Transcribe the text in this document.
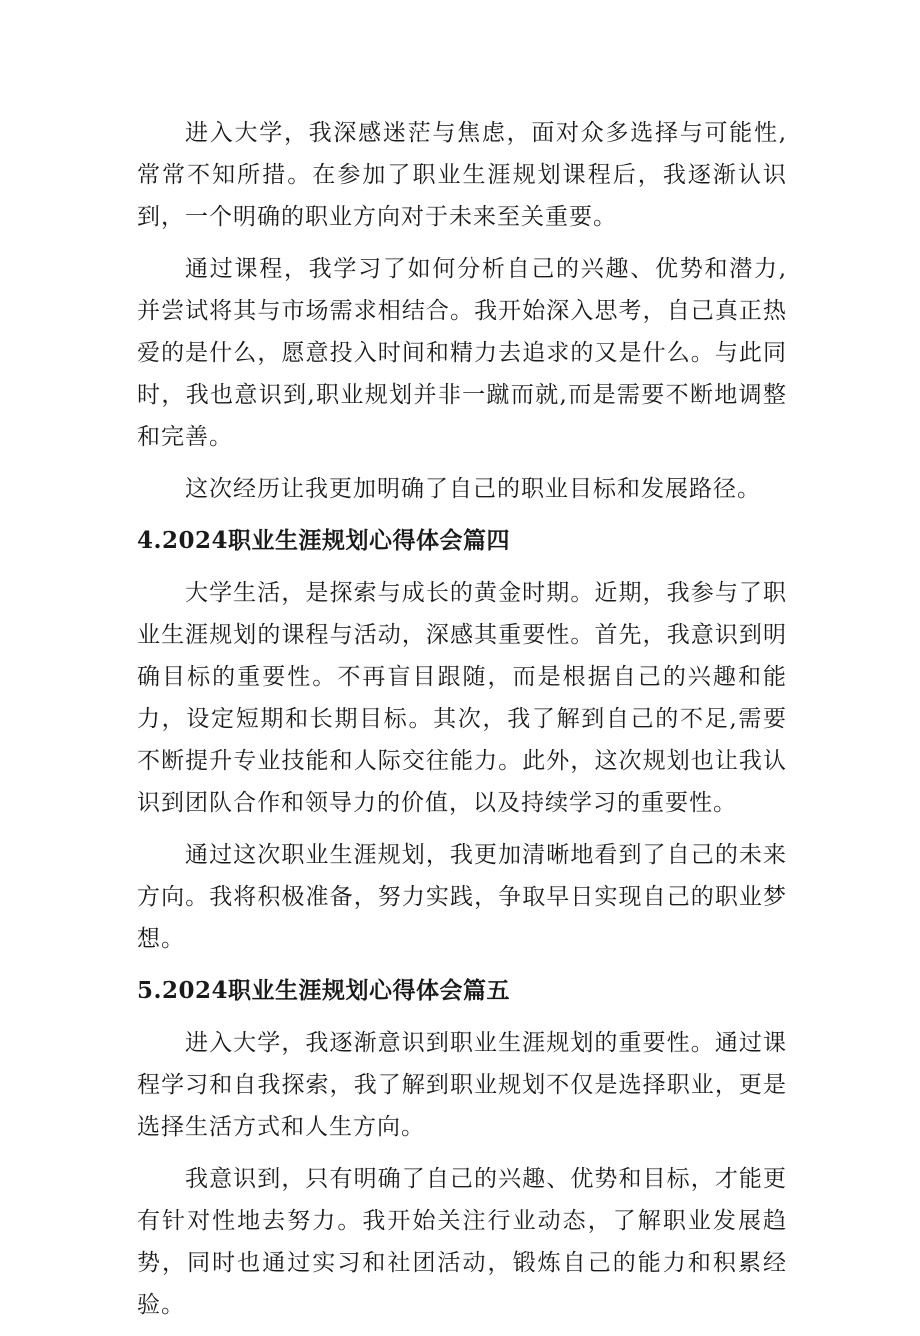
进入大学，我深感迷茫与焦虑，面对众多选择与可能性,常常不知所措。在参加了职业生涯规划课程后，我逐渐认识到，一个明确的职业方向对于未来至关重要。

通过课程，我学习了如何分析自己的兴趣、优势和潜力,并尝试将其与市场需求相结合。我开始深入思考，自己真正热爱的是什么，愿意投入时间和精力去追求的又是什么。与此同时，我也意识到,职业规划并非一蹴而就,而是需要不断地调整和完善。

这次经历让我更加明确了自己的职业目标和发展路径。

4.2024职业生涯规划心得体会篇四

大学生活，是探索与成长的黄金时期。近期，我参与了职业生涯规划的课程与活动，深感其重要性。首先，我意识到明确目标的重要性。不再盲目跟随，而是根据自己的兴趣和能力，设定短期和长期目标。其次，我了解到自己的不足,需要不断提升专业技能和人际交往能力。此外，这次规划也让我认识到团队合作和领导力的价值，以及持续学习的重要性。

通过这次职业生涯规划，我更加清晰地看到了自己的未来方向。我将积极准备，努力实践，争取早日实现自己的职业梦想。

5.2024职业生涯规划心得体会篇五

进入大学，我逐渐意识到职业生涯规划的重要性。通过课程学习和自我探索，我了解到职业规划不仅是选择职业，更是选择生活方式和人生方向。

我意识到，只有明确了自己的兴趣、优势和目标，才能更有针对性地去努力。我开始关注行业动态，了解职业发展趋势，同时也通过实习和社团活动，锻炼自己的能力和积累经验。
